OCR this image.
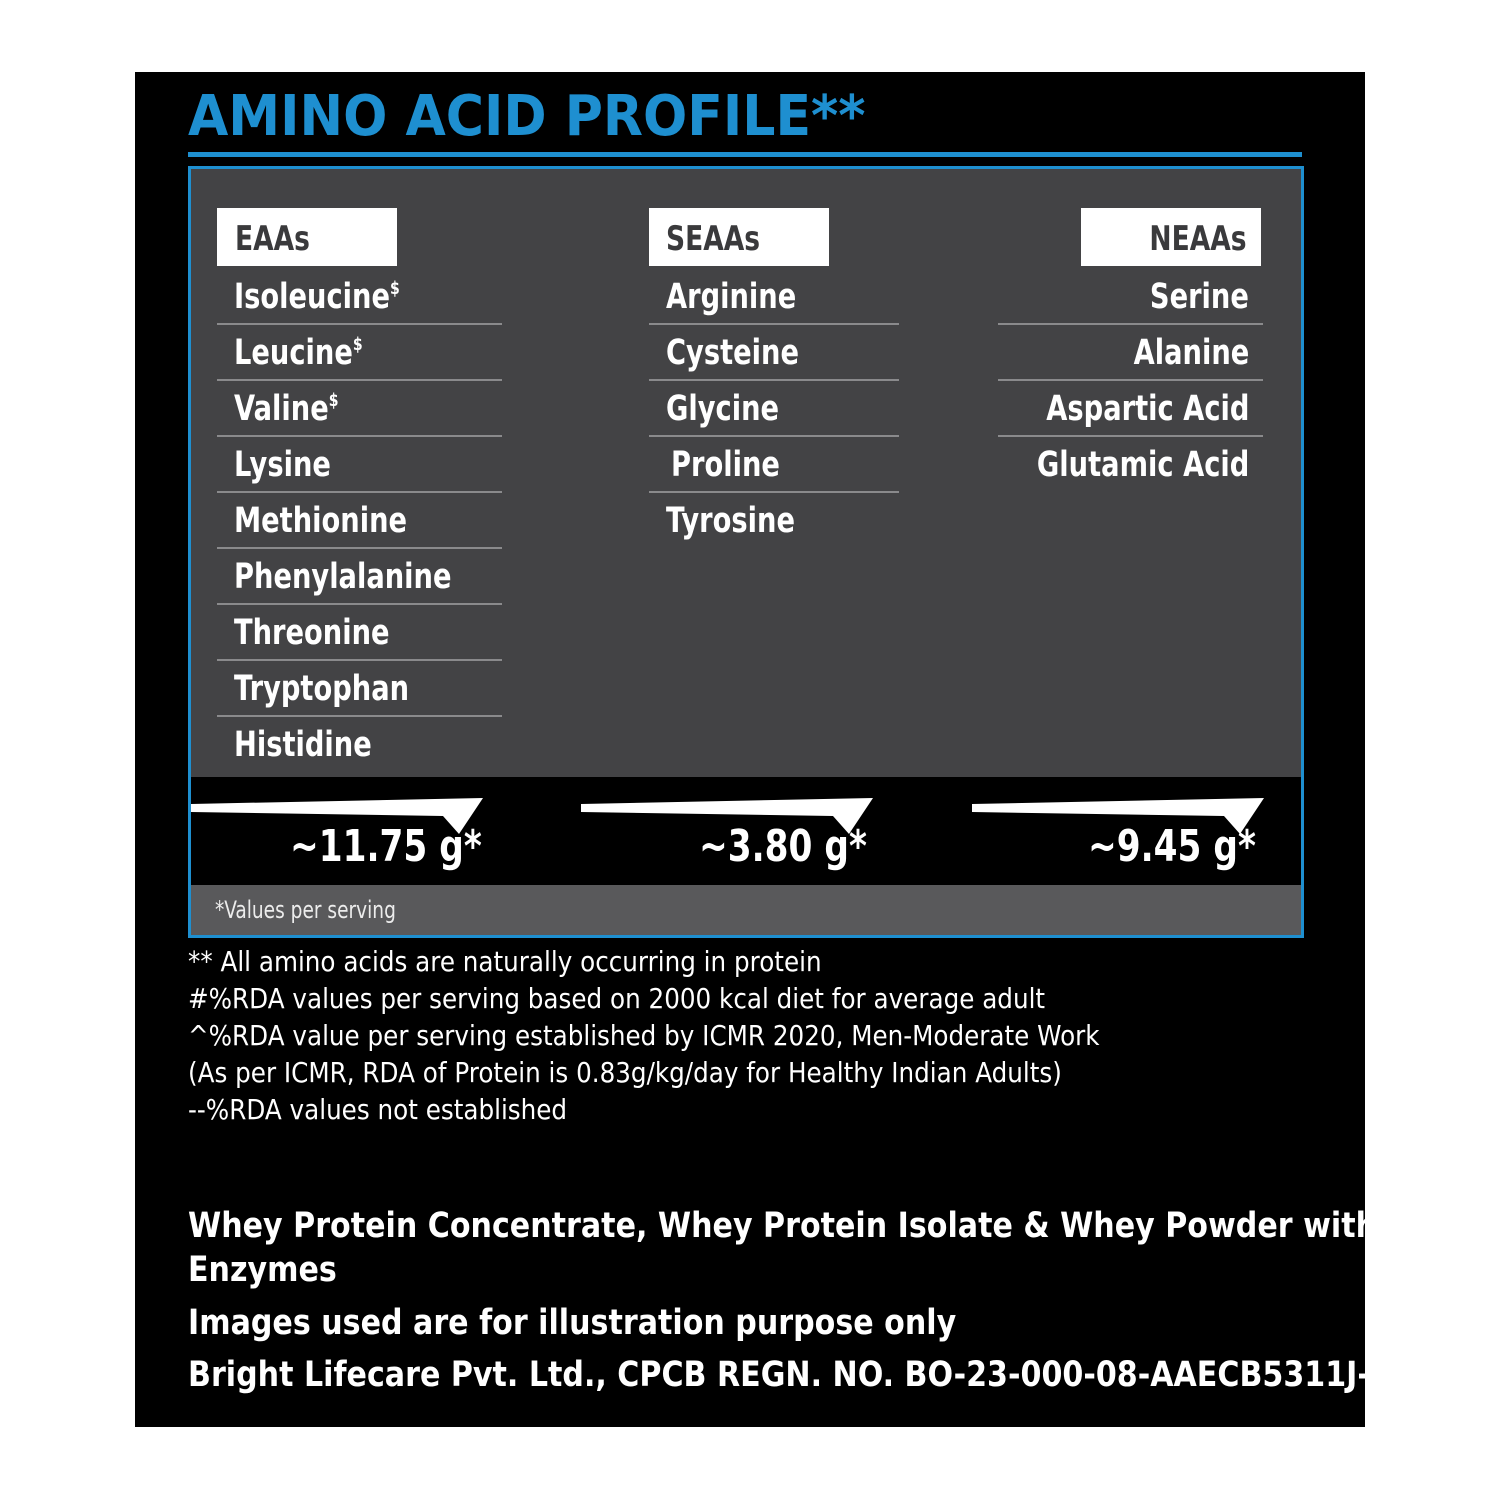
AMINO ACID PROFILE**
EAAs
Isoleucine$
Leucine$
Valine$
Lysine
Methionine
Phenylalanine
Threonine
Tryptophan
Histidine
SEAAs
Arginine
Cysteine
Glycine
Proline
Tyrosine
NEAAs
Serine
Alanine
Aspartic Acid
Glutamic Acid
~11.75 g*	~3.80 g*	~9.45 g*
*Values per serving
** All amino acids are naturally occurring in protein
#%RDA values per serving based on 2000 kcal diet for average adult
^%RDA value per serving established by ICMR 2020, Men-Moderate Work
(As per ICMR, RDA of Protein is 0.83g/kg/day for Healthy Indian Adults)
--%RDA values not established
Whey Protein Concentrate, Whey Protein Isolate & Whey Powder with
Enzymes
Images used are for illustration purpose only
Bright Lifecare Pvt. Ltd., CPCB REGN. NO. BO-23-000-08-AAECB5311J-23
